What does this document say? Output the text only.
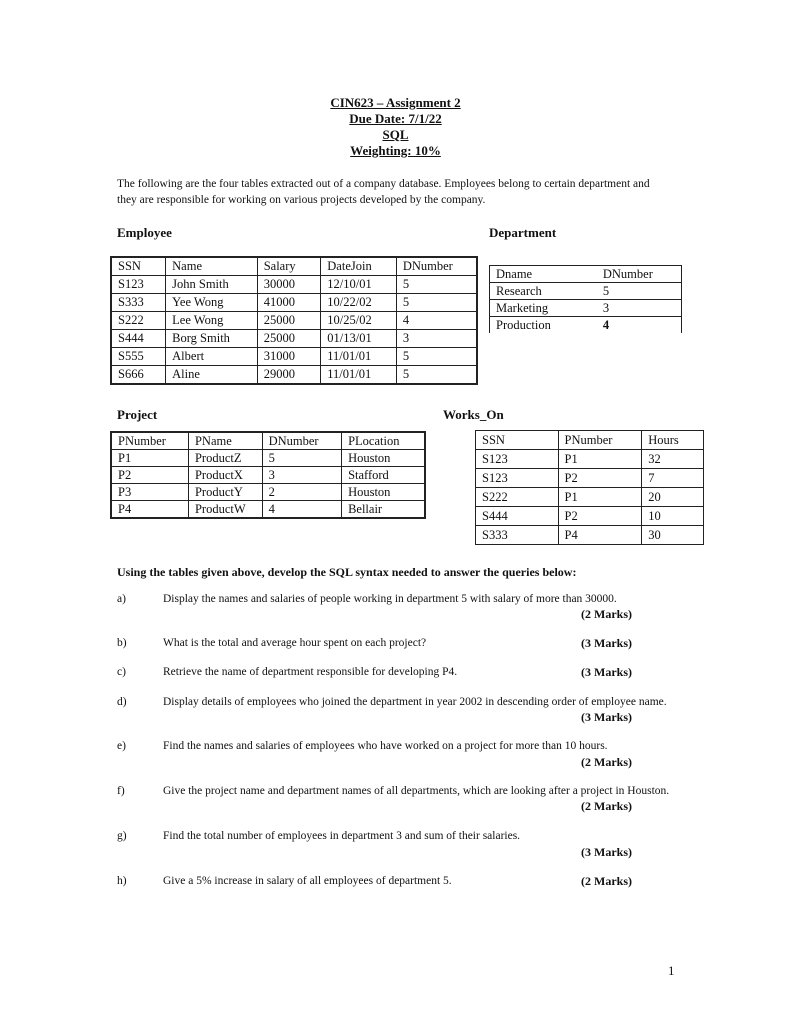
CIN623 – Assignment 2
Due Date: 7/1/22
SQL
Weighting: 10%
The following are the four tables extracted out of a company database. Employees belong to certain department and they are responsible for working on various projects developed by the company.
Employee
SSN	Name	Salary	DateJoin	DNumber
S123	John Smith	30000	12/10/01	5
S333	Yee Wong	41000	10/22/02	5
S222	Lee Wong	25000	10/25/02	4
S444	Borg Smith	25000	01/13/01	3
S555	Albert	31000	11/01/01	5
S666	Aline	29000	11/01/01	5
Department
Dname	DNumber
Research	5
Marketing	3
Production	4
Project
PNumber	PName	DNumber	PLocation
P1	ProductZ	5	Houston
P2	ProductX	3	Stafford
P3	ProductY	2	Houston
P4	ProductW	4	Bellair
Works_On
SSN	PNumber	Hours
S123	P1	32
S123	P2	7
S222	P1	20
S444	P2	10
S333	P4	30
Using the tables given above, develop the SQL syntax needed to answer the queries below:
a)	Display the names and salaries of people working in department 5 with salary of more than 30000.
(2 Marks)
b)	What is the total and average hour spent on each project?	(3 Marks)
c)	Retrieve the name of department responsible for developing P4.	(3 Marks)
d)	Display details of employees who joined the department in year 2002 in descending order of employee name.
(3 Marks)
e)	Find the names and salaries of employees who have worked on a project for more than 10 hours.
(2 Marks)
f)	Give the project name and department names of all departments, which are looking after a project in Houston.
(2 Marks)
g)	Find the total number of employees in department 3 and sum of their salaries.
(3 Marks)
h)	Give a 5% increase in salary of all employees of department 5.	(2 Marks)
1
